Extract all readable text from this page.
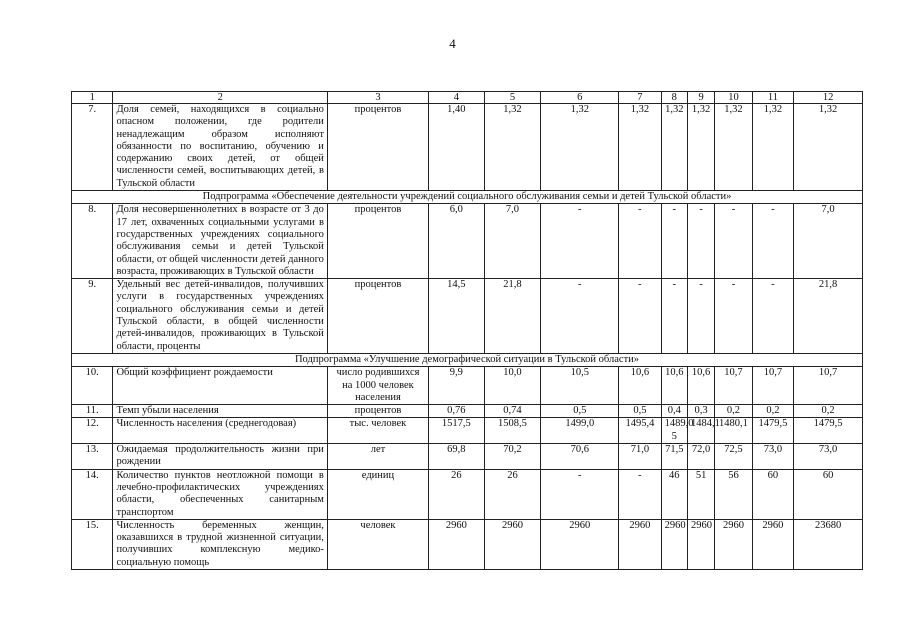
4
1	2	3	4	5	6	7	8	9	10	11	12
7.	Доля семей, находящихся в социально опасном положении, где родители ненадлежащим образом исполняют обязанности по воспитанию, обучению и содержанию своих детей, от общей численности семей, воспитывающих детей, в Тульской области	процентов	1,40	1,32	1,32	1,32	1,32	1,32	1,32	1,32	1,32
Подпрограмма «Обеспечение деятельности учреждений социального обслуживания семьи и детей Тульской области»											
8.	Доля несовершеннолетних в возрасте от 3 до 17 лет, охваченных социальными услугами в государственных учреждениях социального обслуживания семьи и детей Тульской области, от общей численности детей данного возраста, проживающих в Тульской области	процентов	6,0	7,0	-	-	-	-	-	-	7,0
9.	Удельный вес детей-инвалидов, получивших услуги в государственных учреждениях социального обслуживания семьи и детей Тульской области, в общей численности детей-инвалидов, проживающих в Тульской области, проценты	процентов	14,5	21,8	-	-	-	-	-	-	21,8
Подпрограмма «Улучшение демографической ситуации в Тульской области»											
10.	Общий коэффициент рождаемости	число родившихся на 1000 человек населения	9,9	10,0	10,5	10,6	10,6	10,6	10,7	10,7	10,7
11.	Темп убыли населения	процентов	0,76	0,74	0,5	0,5	0,4	0,3	0,2	0,2	0,2
12.	Численность населения (среднегодовая)	тыс. человек	1517,5	1508,5	1499,0	1495,4	1489,0 5	1484,1	1480,1	1479,5	1479,5
13.	Ожидаемая продолжительность жизни при рождении	лет	69,8	70,2	70,6	71,0	71,5	72,0	72,5	73,0	73,0
14.	Количество пунктов неотложной помощи в лечебно-профилактических учреждениях области, обеспеченных санитарным транспортом	единиц	26	26	-	-	46	51	56	60	60
15.	Численность беременных женщин, оказавшихся в трудной жизненной ситуации, получивших комплексную медико-социальную помощь	человек	2960	2960	2960	2960	2960	2960	2960	2960	23680
